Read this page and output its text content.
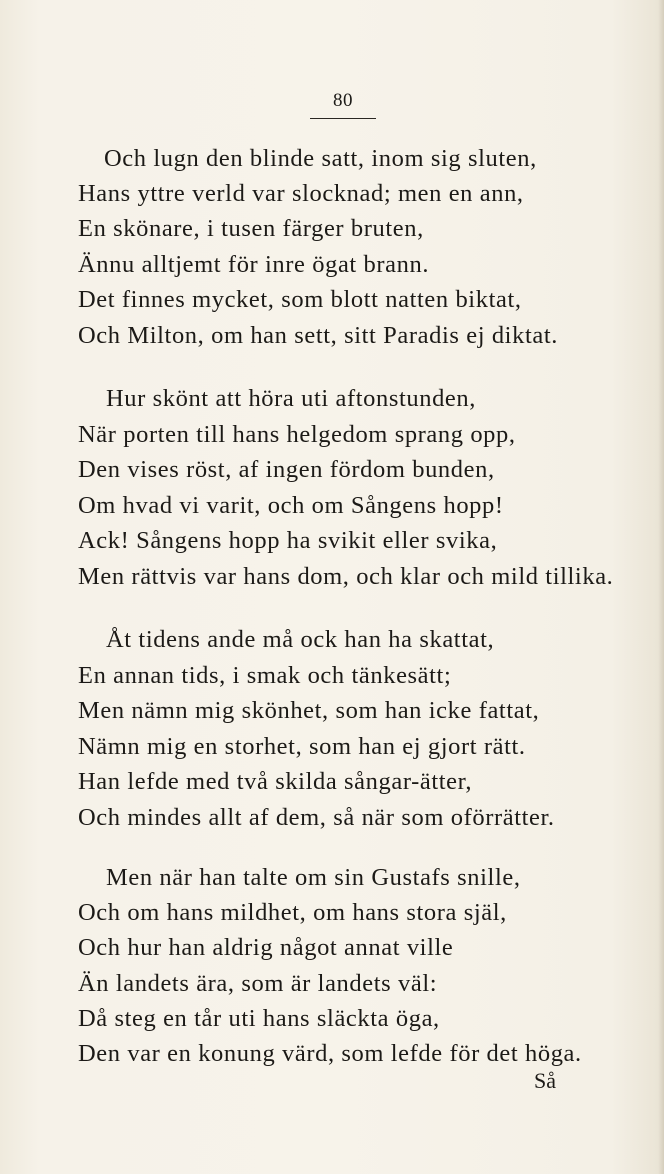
80
Och lugn den blinde satt, inom sig sluten,
Hans yttre verld var slocknad; men en ann,
En skönare, i tusen färger bruten,
Ännu alltjemt för inre ögat brann.
Det finnes mycket, som blott natten biktat,
Och Milton, om han sett, sitt Paradis ej diktat.
Hur skönt att höra uti aftonstunden,
När porten till hans helgedom sprang opp,
Den vises röst, af ingen fördom bunden,
Om hvad vi varit, och om Sångens hopp!
Ack! Sångens hopp ha svikit eller svika,
Men rättvis var hans dom, och klar och mild tillika.
Åt tidens ande må ock han ha skattat,
En annan tids, i smak och tänkesätt;
Men nämn mig skönhet, som han icke fattat,
Nämn mig en storhet, som han ej gjort rätt.
Han lefde med två skilda sångar-ätter,
Och mindes allt af dem, så när som oförrätter.
Men när han talte om sin Gustafs snille,
Och om hans mildhet, om hans stora själ,
Och hur han aldrig något annat ville
Än landets ära, som är landets väl:
Då steg en tår uti hans släckta öga,
Den var en konung värd, som lefde för det höga.
Så
